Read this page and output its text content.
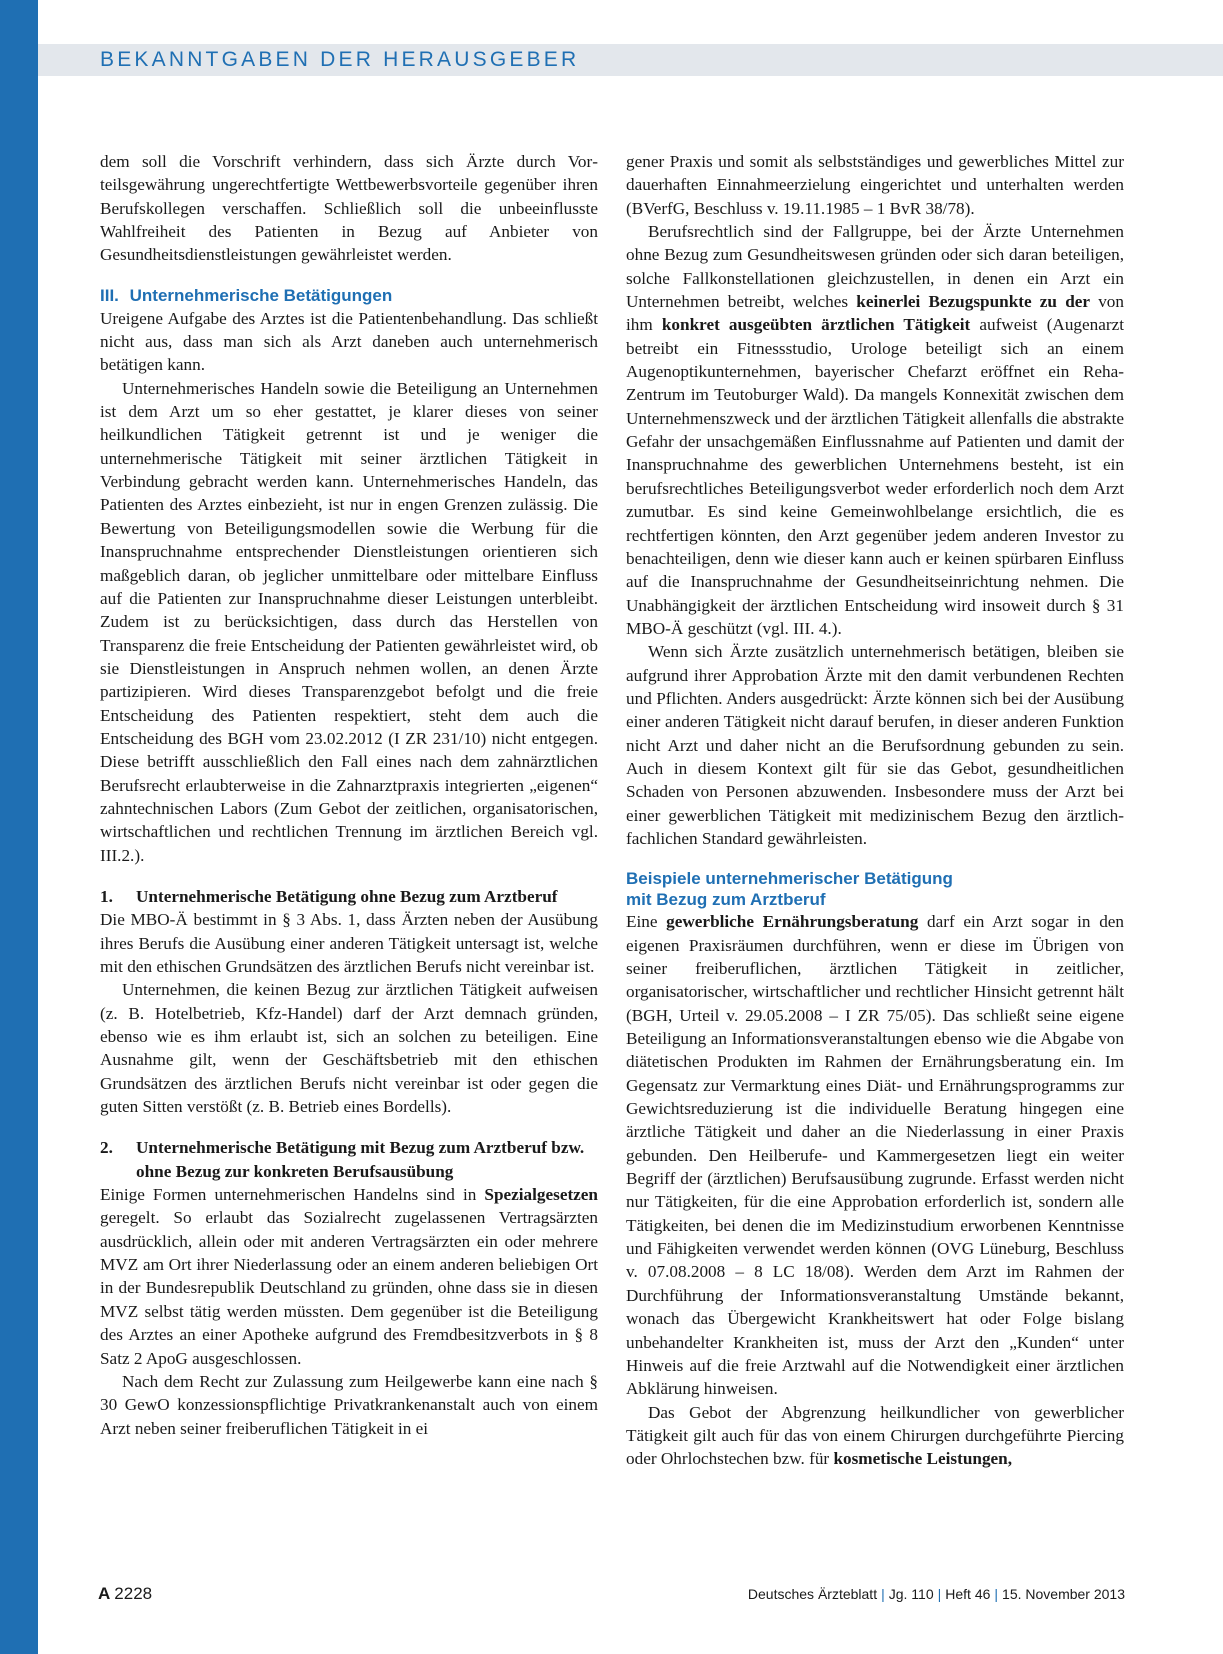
BEKANNTGABEN DER HERAUSGEBER

dem soll die Vorschrift verhindern, dass sich Ärzte durch Vorteilsgewährung ungerechtfertigte Wettbewerbsvorteile gegenüber ihren Berufskollegen verschaffen. Schließlich soll die unbeeinflusste Wahlfreiheit des Patienten in Bezug auf Anbieter von Gesundheitsdienstleistungen gewährleistet werden.

III. Unternehmerische Betätigungen

Ureigene Aufgabe des Arztes ist die Patientenbehandlung. Das schließt nicht aus, dass man sich als Arzt daneben auch unternehmerisch betätigen kann.

Unternehmerisches Handeln sowie die Beteiligung an Unternehmen ist dem Arzt um so eher gestattet, je klarer dieses von seiner heilkundlichen Tätigkeit getrennt ist und je weniger die unternehmerische Tätigkeit mit seiner ärztlichen Tätigkeit in Verbindung gebracht werden kann. Unternehmerisches Handeln, das Patienten des Arztes einbezieht, ist nur in engen Grenzen zulässig. Die Bewertung von Beteiligungsmodellen sowie die Werbung für die Inanspruchnahme entsprechender Dienstleistungen orientieren sich maßgeblich daran, ob jeglicher unmittelbare oder mittelbare Einfluss auf die Patienten zur Inanspruchnahme dieser Leistungen unterbleibt. Zudem ist zu berücksichtigen, dass durch das Herstellen von Transparenz die freie Entscheidung der Patienten gewährleistet wird, ob sie Dienstleistungen in Anspruch nehmen wollen, an denen Ärzte partizipieren. Wird dieses Transparenzgebot befolgt und die freie Entscheidung des Patienten respektiert, steht dem auch die Entscheidung des BGH vom 23.02.2012 (I ZR 231/10) nicht entgegen. Diese betrifft ausschließlich den Fall eines nach dem zahnärztlichen Berufsrecht erlaubterweise in die Zahnarztpraxis integrierten „eigenen“ zahntechnischen Labors (Zum Gebot der zeitlichen, organisatorischen, wirtschaftlichen und rechtlichen Trennung im ärztlichen Bereich vgl. III.2.).

1.	Unternehmerische Betätigung ohne Bezug zum Arztberuf

Die MBO-Ä bestimmt in § 3 Abs. 1, dass Ärzten neben der Ausübung ihres Berufs die Ausübung einer anderen Tätigkeit untersagt ist, welche mit den ethischen Grundsätzen des ärztlichen Berufs nicht vereinbar ist.

Unternehmen, die keinen Bezug zur ärztlichen Tätigkeit aufweisen (z. B. Hotelbetrieb, Kfz-Handel) darf der Arzt demnach gründen, ebenso wie es ihm erlaubt ist, sich an solchen zu beteiligen. Eine Ausnahme gilt, wenn der Geschäftsbetrieb mit den ethischen Grundsätzen des ärztlichen Berufs nicht vereinbar ist oder gegen die guten Sitten verstößt (z. B. Betrieb eines Bordells).

2.	Unternehmerische Betätigung mit Bezug zum Arztberuf bzw. ohne Bezug zur konkreten Berufsausübung

Einige Formen unternehmerischen Handelns sind in Spezialgesetzen geregelt. So erlaubt das Sozialrecht zugelassenen Vertragsärzten ausdrücklich, allein oder mit anderen Vertragsärzten ein oder mehrere MVZ am Ort ihrer Niederlassung oder an einem anderen beliebigen Ort in der Bundesrepublik Deutschland zu gründen, ohne dass sie in diesen MVZ selbst tätig werden müssten. Dem gegenüber ist die Beteiligung des Arztes an einer Apotheke aufgrund des Fremdbesitzverbots in § 8 Satz 2 ApoG ausgeschlossen.

Nach dem Recht zur Zulassung zum Heilgewerbe kann eine nach § 30 GewO konzessionspflichtige Privatkrankenanstalt auch von einem Arzt neben seiner freiberuflichen Tätigkeit in ei

gener Praxis und somit als selbstständiges und gewerbliches Mittel zur dauerhaften Einnahmeerzielung eingerichtet und unterhalten werden (BVerfG, Beschluss v. 19.11.1985 – 1 BvR 38/78).

Berufsrechtlich sind der Fallgruppe, bei der Ärzte Unternehmen ohne Bezug zum Gesundheitswesen gründen oder sich daran beteiligen, solche Fallkonstellationen gleichzustellen, in denen ein Arzt ein Unternehmen betreibt, welches keinerlei Bezugspunkte zu der von ihm konkret ausgeübten ärztlichen Tätigkeit aufweist (Augenarzt betreibt ein Fitnessstudio, Urologe beteiligt sich an einem Augenoptikunternehmen, bayerischer Chefarzt eröffnet ein Reha-Zentrum im Teutoburger Wald). Da mangels Konnexität zwischen dem Unternehmenszweck und der ärztlichen Tätigkeit allenfalls die abstrakte Gefahr der unsachgemäßen Einflussnahme auf Patienten und damit der Inanspruchnahme des gewerblichen Unternehmens besteht, ist ein berufsrechtliches Beteiligungsverbot weder erforderlich noch dem Arzt zumutbar. Es sind keine Gemeinwohlbelange ersichtlich, die es rechtfertigen könnten, den Arzt gegenüber jedem anderen Investor zu benachteiligen, denn wie dieser kann auch er keinen spürbaren Einfluss auf die Inanspruchnahme der Gesundheitseinrichtung nehmen. Die Unabhängigkeit der ärztlichen Entscheidung wird insoweit durch § 31 MBO-Ä geschützt (vgl. III. 4.).

Wenn sich Ärzte zusätzlich unternehmerisch betätigen, bleiben sie aufgrund ihrer Approbation Ärzte mit den damit verbundenen Rechten und Pflichten. Anders ausgedrückt: Ärzte können sich bei der Ausübung einer anderen Tätigkeit nicht darauf berufen, in dieser anderen Funktion nicht Arzt und daher nicht an die Berufsordnung gebunden zu sein. Auch in diesem Kontext gilt für sie das Gebot, gesundheitlichen Schaden von Personen abzuwenden. Insbesondere muss der Arzt bei einer gewerblichen Tätigkeit mit medizinischem Bezug den ärztlich-fachlichen Standard gewährleisten.

Beispiele unternehmerischer Betätigung
mit Bezug zum Arztberuf

Eine gewerbliche Ernährungsberatung darf ein Arzt sogar in den eigenen Praxisräumen durchführen, wenn er diese im Übrigen von seiner freiberuflichen, ärztlichen Tätigkeit in zeitlicher, organisatorischer, wirtschaftlicher und rechtlicher Hinsicht getrennt hält (BGH, Urteil v. 29.05.2008 – I ZR 75/05). Das schließt seine eigene Beteiligung an Informationsveranstaltungen ebenso wie die Abgabe von diätetischen Produkten im Rahmen der Ernährungsberatung ein. Im Gegensatz zur Vermarktung eines Diät- und Ernährungsprogramms zur Gewichtsreduzierung ist die individuelle Beratung hingegen eine ärztliche Tätigkeit und daher an die Niederlassung in einer Praxis gebunden. Den Heilberufe- und Kammergesetzen liegt ein weiter Begriff der (ärztlichen) Berufsausübung zugrunde. Erfasst werden nicht nur Tätigkeiten, für die eine Approbation erforderlich ist, sondern alle Tätigkeiten, bei denen die im Medizinstudium erworbenen Kenntnisse und Fähigkeiten verwendet werden können (OVG Lüneburg, Beschluss v. 07.08.2008 – 8 LC 18/08). Werden dem Arzt im Rahmen der Durchführung der Informationsveranstaltung Umstände bekannt, wonach das Übergewicht Krankheitswert hat oder Folge bislang unbehandelter Krankheiten ist, muss der Arzt den „Kunden“ unter Hinweis auf die freie Arztwahl auf die Notwendigkeit einer ärztlichen Abklärung hinweisen.

Das Gebot der Abgrenzung heilkundlicher von gewerblicher Tätigkeit gilt auch für das von einem Chirurgen durchgeführte Piercing oder Ohrlochstechen bzw. für kosmetische Leistungen,

A 2228	Deutsches Ärzteblatt | Jg. 110 | Heft 46 | 15. November 2013
